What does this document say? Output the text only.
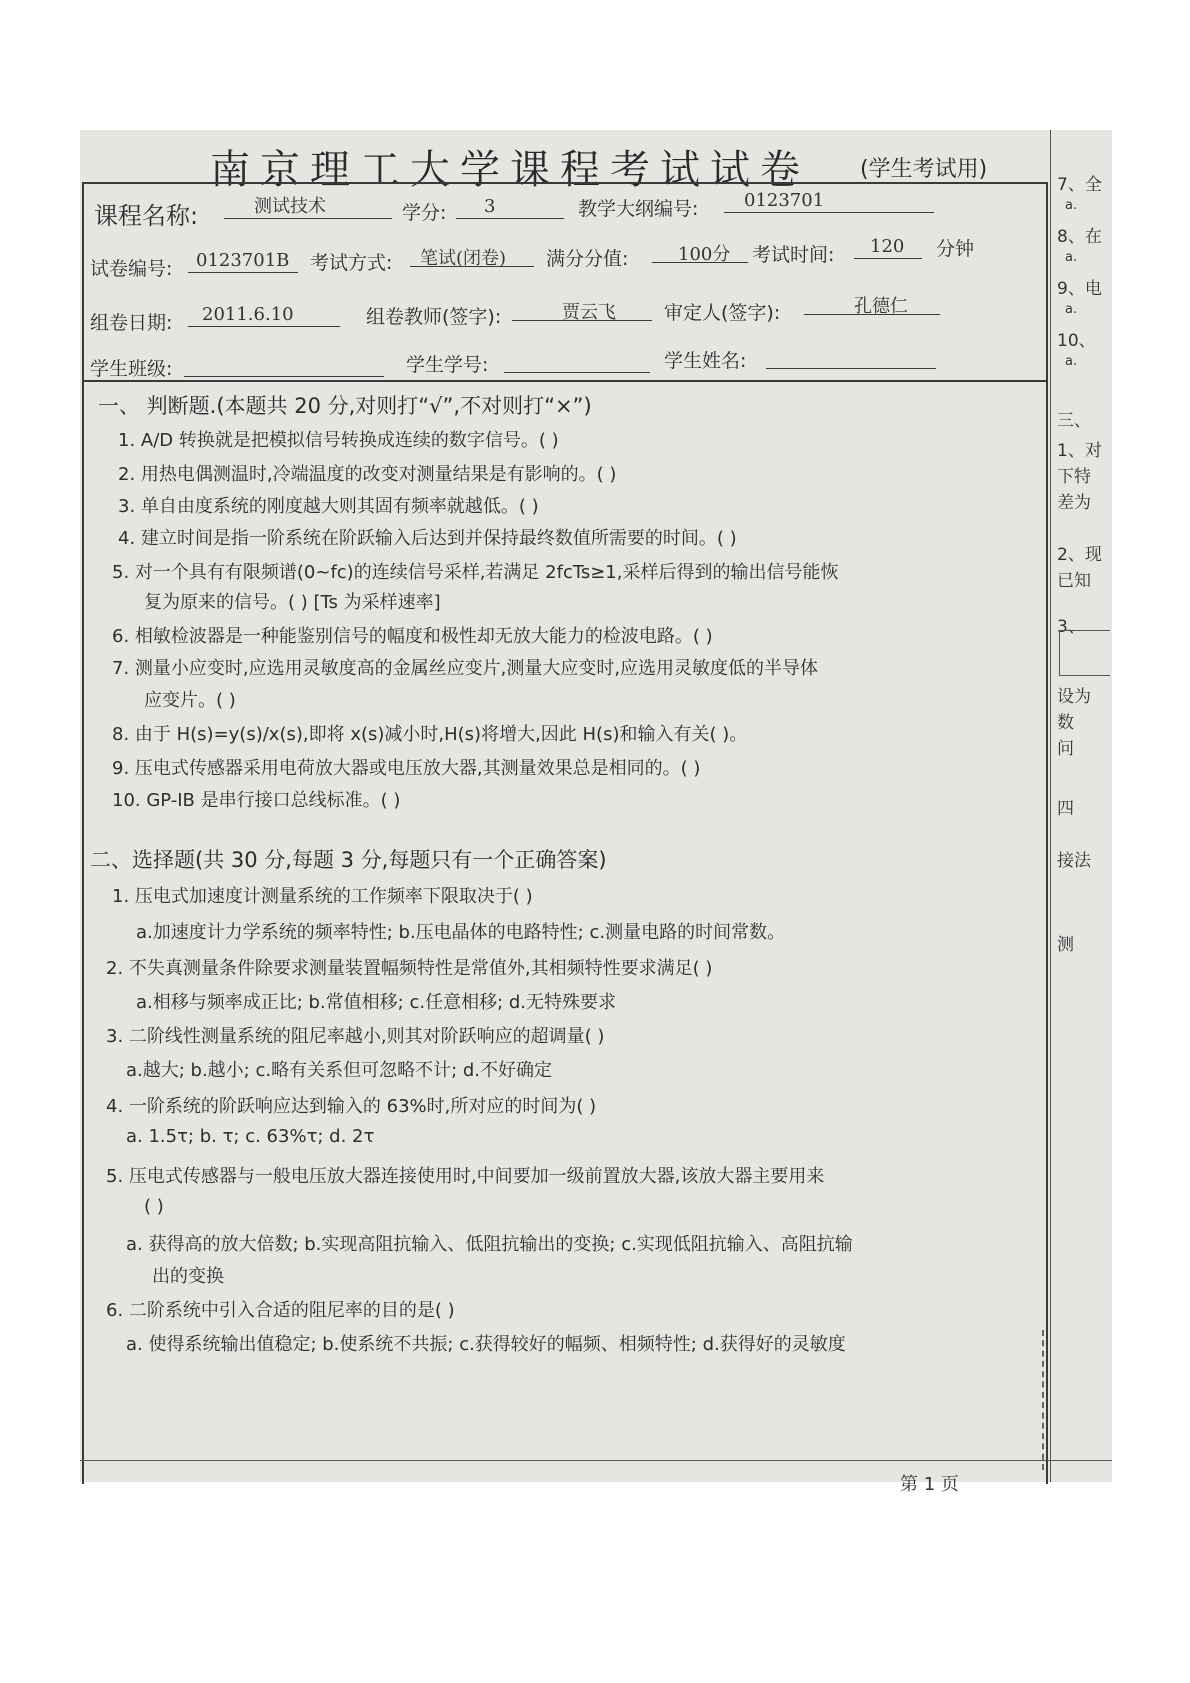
南京理工大学课程考试试卷 (学生考试用)
课程名称:	测试技术	学分: 3	教学大纲编号:	0123701
试卷编号: 0123701B 考试方式: 笔试(闭卷) 满分分值:	100分 考试时间: 120 分钟
组卷日期: 2011.6.10	组卷教师(签字):	贾云飞	审定人(签字):	孔德仁
学生班级:	学生学号:	学生姓名:
一、 判断题.(本题共 20 分,对则打“√”,不对则打“×”)
1. A/D 转换就是把模拟信号转换成连续的数字信号。( )
2. 用热电偶测温时,冷端温度的改变对测量结果是有影响的。( )
3. 单自由度系统的刚度越大则其固有频率就越低。( )
4. 建立时间是指一阶系统在阶跃输入后达到并保持最终数值所需要的时间。( )
5. 对一个具有有限频谱(0~fc)的连续信号采样,若满足 2fcTs≥1,采样后得到的输出信号能恢
复为原来的信号。( ) [Ts 为采样速率]
6. 相敏检波器是一种能鉴别信号的幅度和极性却无放大能力的检波电路。( )
7. 测量小应变时,应选用灵敏度高的金属丝应变片,测量大应变时,应选用灵敏度低的半导体
应变片。( )
8. 由于 H(s)=y(s)/x(s),即将 x(s)减小时,H(s)将增大,因此 H(s)和输入有关( )。
9. 压电式传感器采用电荷放大器或电压放大器,其测量效果总是相同的。( )
10. GP-IB 是串行接口总线标准。( )
二、选择题(共 30 分,每题 3 分,每题只有一个正确答案)
1. 压电式加速度计测量系统的工作频率下限取决于( )
a.加速度计力学系统的频率特性; b.压电晶体的电路特性; c.测量电路的时间常数。
2. 不失真测量条件除要求测量装置幅频特性是常值外,其相频特性要求满足( )
a.相移与频率成正比; b.常值相移; c.任意相移; d.无特殊要求
3. 二阶线性测量系统的阻尼率越小,则其对阶跃响应的超调量( )
a.越大; b.越小; c.略有关系但可忽略不计; d.不好确定
4. 一阶系统的阶跃响应达到输入的 63%时,所对应的时间为( )
a. 1.5τ; b. τ; c. 63%τ; d. 2τ
5. 压电式传感器与一般电压放大器连接使用时,中间要加一级前置放大器,该放大器主要用来
( )
a. 获得高的放大倍数; b.实现高阻抗输入、低阻抗输出的变换; c.实现低阻抗输入、高阻抗输
出的变换
6. 二阶系统中引入合适的阻尼率的目的是( )
a. 使得系统输出值稳定; b.使系统不共振; c.获得较好的幅频、相频特性; d.获得好的灵敏度
7、全
a.
8、在
a.
9、电
a.
10、
a.
三、
1、对
下特
差为
2、现
已知
3、
设为
数
问
四
接法
测
第 1 页
